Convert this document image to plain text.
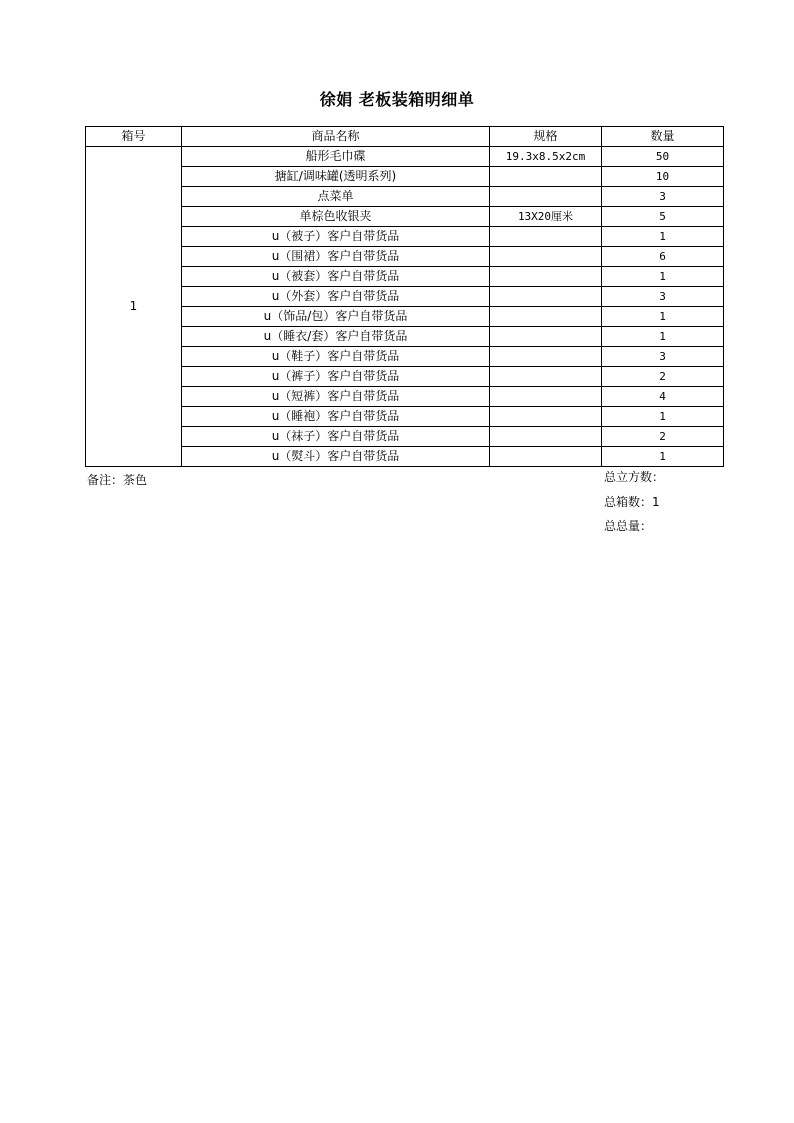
徐娟 老板装箱明细单
箱号	商品名称	规格	数量
1	船形毛巾碟	19.3x8.5x2cm	50
	搪缸/调味罐(透明系列)		10
	点菜单		3
	单棕色收银夹	13X20厘米	5
	u（被子）客户自带货品		1
	u（围裙）客户自带货品		6
	u（被套）客户自带货品		1
	u（外套）客户自带货品		3
	u（饰品/包）客户自带货品		1
	u（睡衣/套）客户自带货品		1
	u（鞋子）客户自带货品		3
	u（裤子）客户自带货品		2
	u（短裤）客户自带货品		4
	u（睡袍）客户自带货品		1
	u（袜子）客户自带货品		2
	u（熨斗）客户自带货品		1
备注：茶色	总立方数：
总箱数：1
总总量：
